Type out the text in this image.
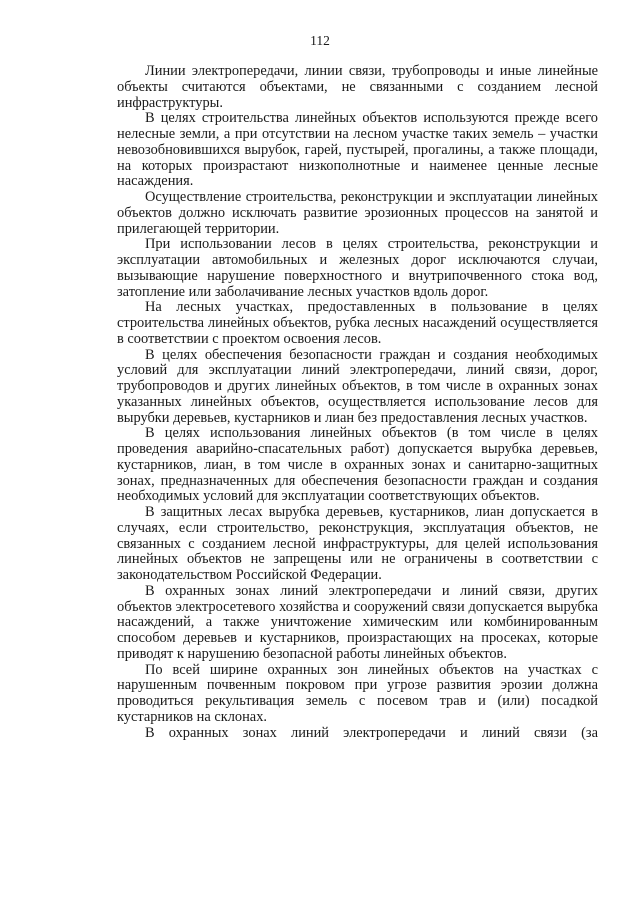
112

Линии электропередачи, линии связи, трубопроводы и иные линейные объекты считаются объектами, не связанными с созданием лесной инфраструктуры.

В целях строительства линейных объектов используются прежде всего нелесные земли, а при отсутствии на лесном участке таких земель – участки невозобновившихся вырубок, гарей, пустырей, прогалины, а также площади, на которых произрастают низкополнотные и наименее ценные лесные насаждения.

Осуществление строительства, реконструкции и эксплуатации линейных объектов должно исключать развитие эрозионных процессов на занятой и прилегающей территории.

При использовании лесов в целях строительства, реконструкции и эксплуатации автомобильных и железных дорог исключаются случаи, вызывающие нарушение поверхностного и внутрипочвенного стока вод, затопление или заболачивание лесных участков вдоль дорог.

На лесных участках, предоставленных в пользование в целях строительства линейных объектов, рубка лесных насаждений осуществляется в соответствии с проектом освоения лесов.

В целях обеспечения безопасности граждан и создания необходимых условий для эксплуатации линий электропередачи, линий связи, дорог, трубопроводов и других линейных объектов, в том числе в охранных зонах указанных линейных объектов, осуществляется использование лесов для вырубки деревьев, кустарников и лиан без предоставления лесных участков.

В целях использования линейных объектов (в том числе в целях проведения аварийно-спасательных работ) допускается вырубка деревьев, кустарников, лиан, в том числе в охранных зонах и санитарно-защитных зонах, предназначенных для обеспечения безопасности граждан и создания необходимых условий для эксплуатации соответствующих объектов.

В защитных лесах вырубка деревьев, кустарников, лиан допускается в случаях, если строительство, реконструкция, эксплуатация объектов, не связанных с созданием лесной инфраструктуры, для целей использования линейных объектов не запрещены или не ограничены в соответствии с законодательством Российской Федерации.

В охранных зонах линий электропередачи и линий связи, других объектов электросетевого хозяйства и сооружений связи допускается вырубка насаждений, а также уничтожение химическим или комбинированным способом деревьев и кустарников, произрастающих на просеках, которые приводят к нарушению безопасной работы линейных объектов.

По всей ширине охранных зон линейных объектов на участках с нарушенным почвенным покровом при угрозе развития эрозии должна проводиться рекультивация земель с посевом трав и (или) посадкой кустарников на склонах.

В охранных зонах линий электропередачи и линий связи (за
